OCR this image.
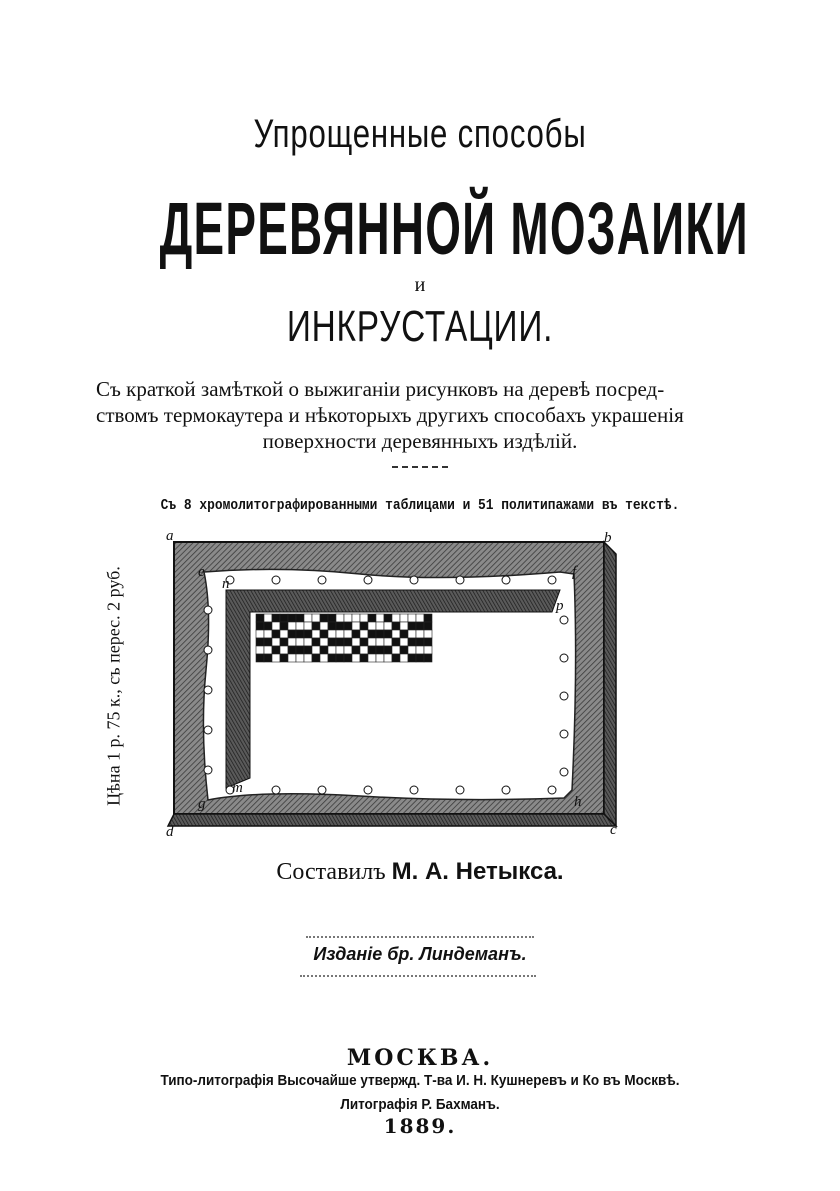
Упрощенные способы
ДЕРЕВЯННОЙ МОЗАИКИ
и
ИНКРУСТАЦИИ.
Съ краткой замѣткой о выжиганіи рисунковъ на деревѣ посред-
ствомъ термокаутера и нѣкоторыхъ другихъ способахъ украшенія
поверхности деревянныхъ издѣлій.
Съ 8 хромолитографированными таблицами и 51 политипажами въ текстѣ.
Цѣна 1 р. 75 к., съ перес. 2 руб.
a	b
c
d
e	f
g	h
n
p
m
Составилъ М. А. Нетыкса.
Изданіе бр. Линдеманъ.
МОСКВА.
Типо-литографія Высочайше утвержд. Т-ва И. Н. Кушнеревъ и Ко въ Москвѣ.
Литографія Р. Бахманъ.
1889.
